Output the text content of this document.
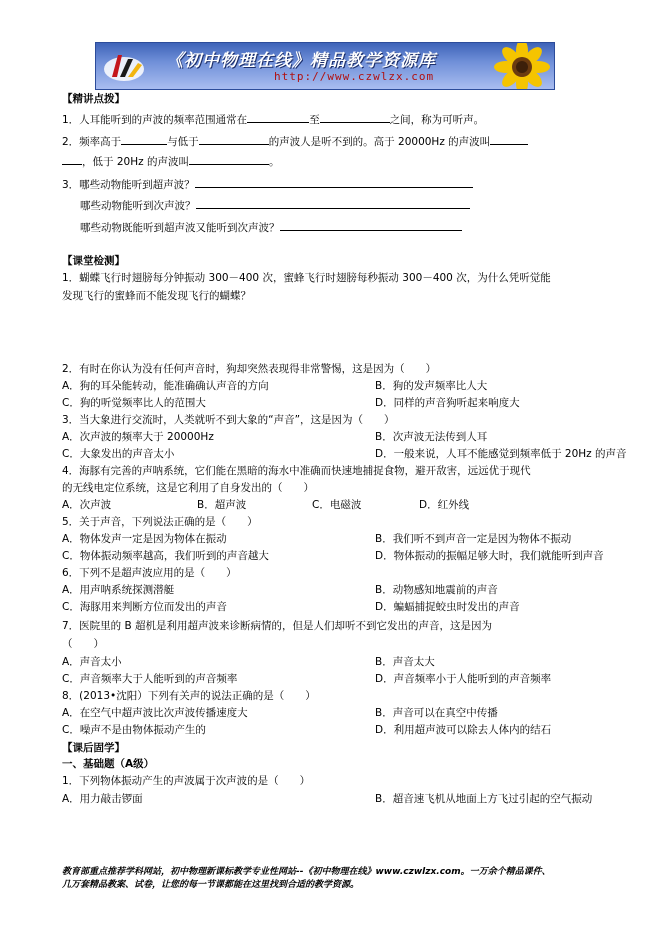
《初中物理在线》精品教学资源库
http://www.czwlzx.com
【精讲点拨】
1．人耳能听到的声波的频率范围通常在	至	之间，称为可听声。
2．频率高于	与低于	的声波人是听不到的。高于 20000Hz 的声波叫
，低于 20Hz 的声波叫	。
3．哪些动物能听到超声波？
哪些动物能听到次声波？
哪些动物既能听到超声波又能听到次声波？
【课堂检测】
1．蝴蝶飞行时翅膀每分钟振动 300－400 次，蜜蜂飞行时翅膀每秒振动 300－400 次，为什么凭听觉能
发现飞行的蜜蜂而不能发现飞行的蝴蝶？
2．有时在你认为没有任何声音时，狗却突然表现得非常警惕，这是因为（　　）
A．狗的耳朵能转动，能准确确认声音的方向	B．狗的发声频率比人大
C．狗的听觉频率比人的范围大	D．同样的声音狗听起来响度大
3．当大象进行交流时，人类就听不到大象的“声音”，这是因为（　　）
A．次声波的频率大于 20000Hz	B．次声波无法传到人耳
C．大象发出的声音太小	D．一般来说，人耳不能感觉到频率低于 20Hz 的声音
4．海豚有完善的声呐系统，它们能在黑暗的海水中准确而快速地捕捉食物，避开敌害，远远优于现代
的无线电定位系统，这是它利用了自身发出的（　　）
A．次声波	B．超声波	C．电磁波	D．红外线
5．关于声音，下列说法正确的是（　　）
A．物体发声一定是因为物体在振动	B．我们听不到声音一定是因为物体不振动
C．物体振动频率越高，我们听到的声音越大	D．物体振动的振幅足够大时，我们就能听到声音
6．下列不是超声波应用的是（　　）
A．用声呐系统探测潜艇	B．动物感知地震前的声音
C．海豚用来判断方位而发出的声音	D．蝙蝠捕捉蛟虫时发出的声音
7．医院里的 B 超机是利用超声波来诊断病情的，但是人们却听不到它发出的声音，这是因为
（　　）
A．声音太小	B．声音太大
C．声音频率大于人能听到的声音频率	D．声音频率小于人能听到的声音频率
8．(2013•沈阳）下列有关声的说法正确的是（　　）
A．在空气中超声波比次声波传播速度大	B．声音可以在真空中传播
C．噪声不是由物体振动产生的	D．利用超声波可以除去人体内的结石
【课后固学】
一、基础题（A级）
1．下列物体振动产生的声波属于次声波的是（　　）
A．用力敲击锣面	B．超音速飞机从地面上方飞过引起的空气振动
教育部重点推荐学科网站，初中物理新课标教学专业性网站--《初中物理在线》www.czwlzx.com。一万余个精品课件、
几万套精品教案、试卷，让您的每一节课都能在这里找到合适的教学资源。
